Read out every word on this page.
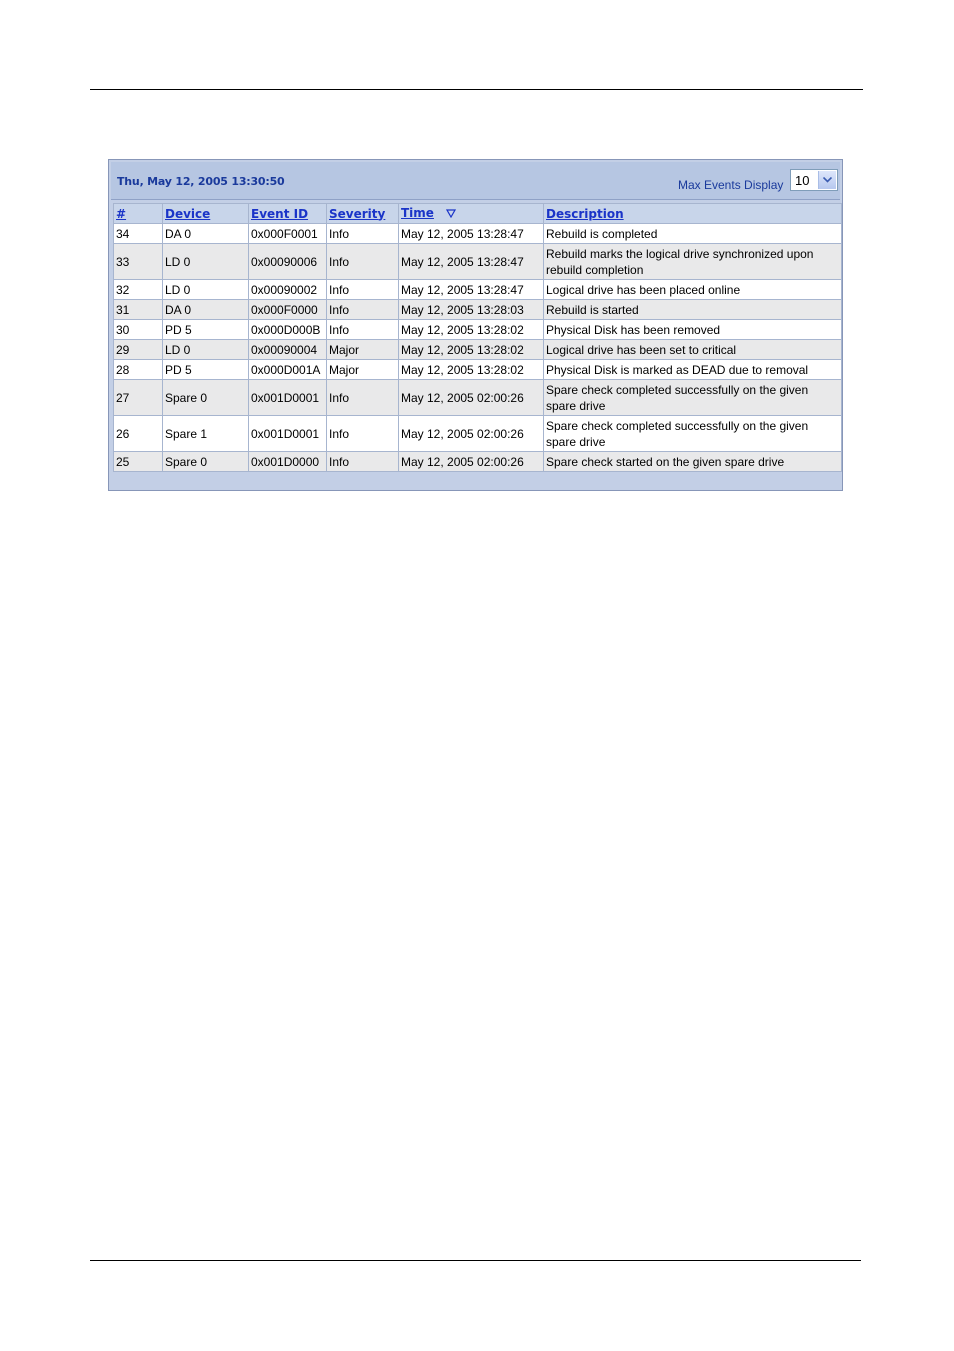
Thu, May 12, 2005 13:30:50	Max Events Display 10
#	Device	Event ID	Severity	Time	Description
34	DA 0	0x000F0001	Info	May 12, 2005 13:28:47	Rebuild is completed
33	LD 0	0x00090006	Info	May 12, 2005 13:28:47	Rebuild marks the logical drive synchronized upon rebuild completion
32	LD 0	0x00090002	Info	May 12, 2005 13:28:47	Logical drive has been placed online
31	DA 0	0x000F0000	Info	May 12, 2005 13:28:03	Rebuild is started
30	PD 5	0x000D000B	Info	May 12, 2005 13:28:02	Physical Disk has been removed
29	LD 0	0x00090004	Major	May 12, 2005 13:28:02	Logical drive has been set to critical
28	PD 5	0x000D001A	Major	May 12, 2005 13:28:02	Physical Disk is marked as DEAD due to removal
27	Spare 0	0x001D0001	Info	May 12, 2005 02:00:26	Spare check completed successfully on the given spare drive
26	Spare 1	0x001D0001	Info	May 12, 2005 02:00:26	Spare check completed successfully on the given spare drive
25	Spare 0	0x001D0000	Info	May 12, 2005 02:00:26	Spare check started on the given spare drive
